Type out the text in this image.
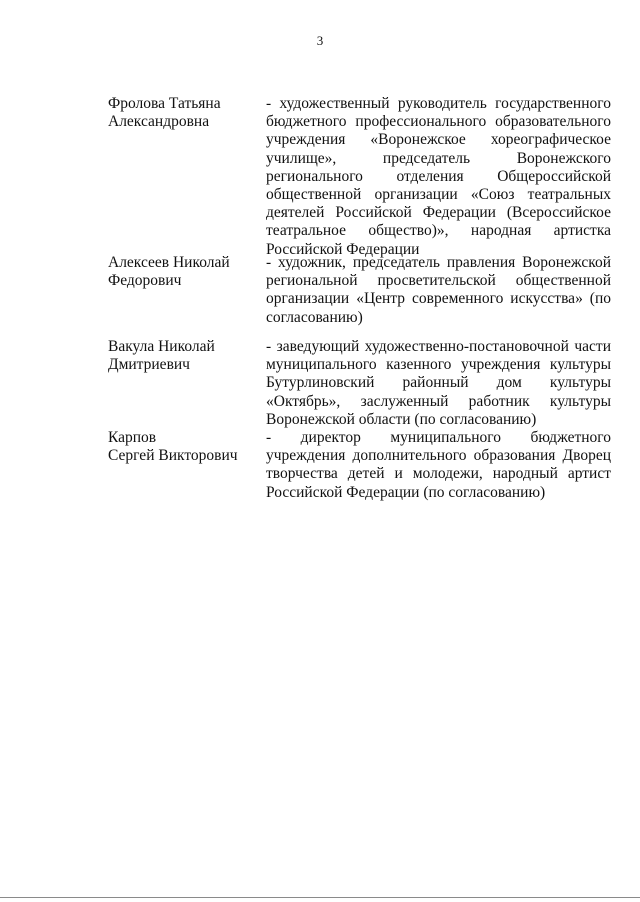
3
Фролова Татьяна
Александровна

- художественный руководитель государственного бюджетного профессионального образовательного учреждения «Воронежское хореографическое училище», председатель Воронежского регионального отделения Общероссийской общественной организации «Союз театральных деятелей Российской Федерации (Всероссийское театральное общество)», народная артистка Российской Федерации

Алексеев Николай
Федорович

- художник, председатель правления Воронежской региональной просветительской общественной организации «Центр современного искусства» (по согласованию)

Вакула Николай
Дмитриевич

- заведующий художественно-постановочной части муниципального казенного учреждения культуры Бутурлиновский районный дом культуры «Октябрь», заслуженный работник культуры Воронежской области (по согласованию)

Карпов
Сергей Викторович

- директор муниципального бюджетного учреждения дополнительного образования Дворец творчества детей и молодежи, народный артист Российской Федерации (по согласованию)
